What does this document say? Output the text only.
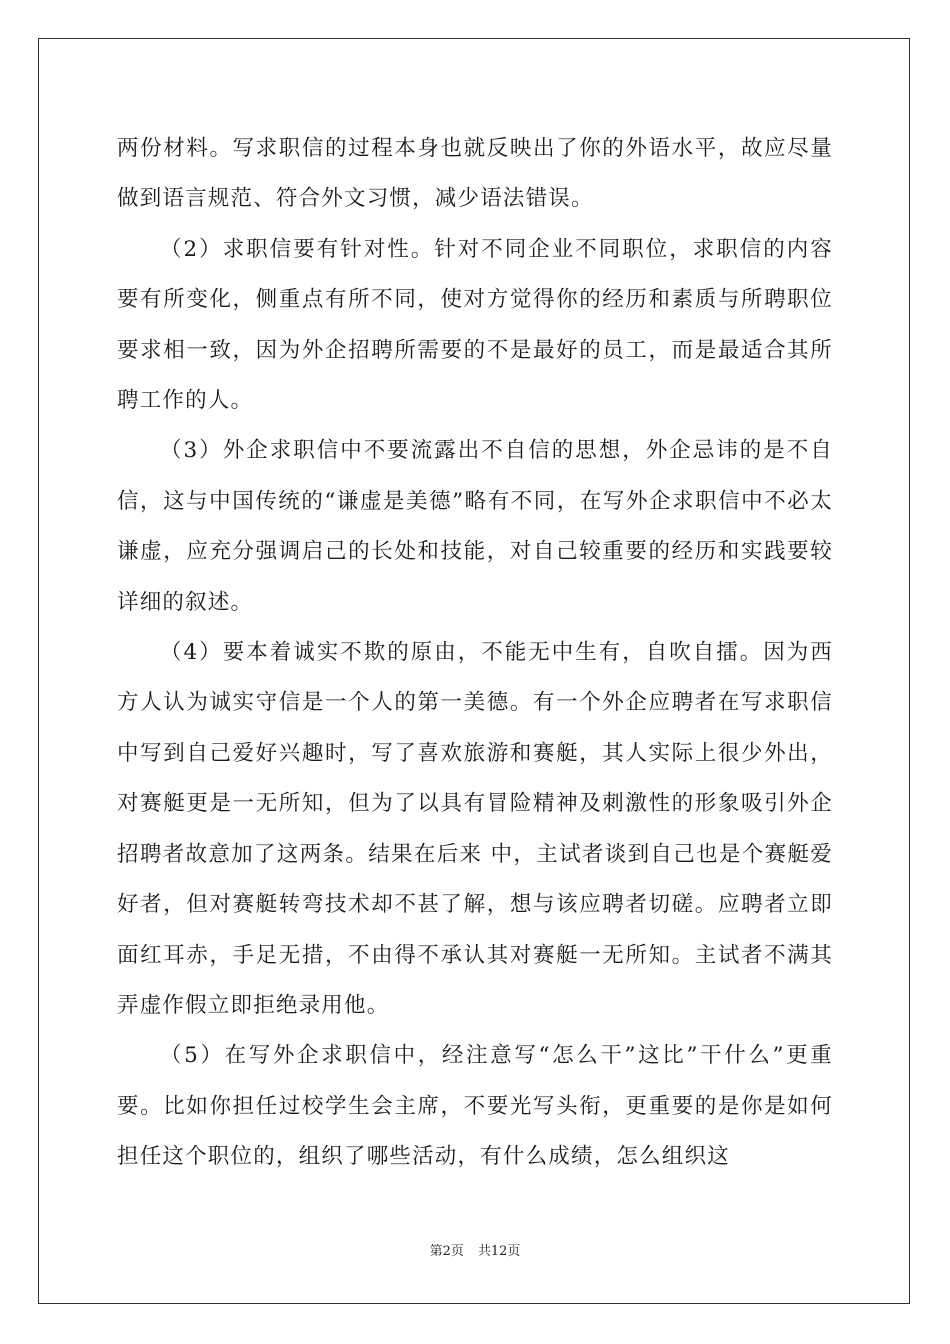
两份材料。写求职信的过程本身也就反映出了你的外语水平，故应尽量做到语言规范、符合外文习惯，减少语法错误。

（2）求职信要有针对性。针对不同企业不同职位，求职信的内容要有所变化，侧重点有所不同，使对方觉得你的经历和素质与所聘职位要求相一致，因为外企招聘所需要的不是最好的员工，而是最适合其所聘工作的人。

（3）外企求职信中不要流露出不自信的思想，外企忌讳的是不自信，这与中国传统的“谦虚是美德”略有不同，在写外企求职信中不必太谦虚，应充分强调启己的长处和技能，对自己较重要的经历和实践要较详细的叙述。

（4）要本着诚实不欺的原由，不能无中生有，自吹自擂。因为西方人认为诚实守信是一个人的第一美德。有一个外企应聘者在写求职信中写到自己爱好兴趣时，写了喜欢旅游和赛艇，其人实际上很少外出，对赛艇更是一无所知，但为了以具有冒险精神及刺激性的形象吸引外企招聘者故意加了这两条。结果在后来 中，主试者谈到自己也是个赛艇爱好者，但对赛艇转弯技术却不甚了解，想与该应聘者切磋。应聘者立即面红耳赤，手足无措，不由得不承认其对赛艇一无所知。主试者不满其弄虚作假立即拒绝录用他。

（5）在写外企求职信中，经注意写“怎么干”这比”干什么”更重要。比如你担任过校学生会主席，不要光写头衔，更重要的是你是如何担任这个职位的，组织了哪些活动，有什么成绩，怎么组织这

第2页 共12页
